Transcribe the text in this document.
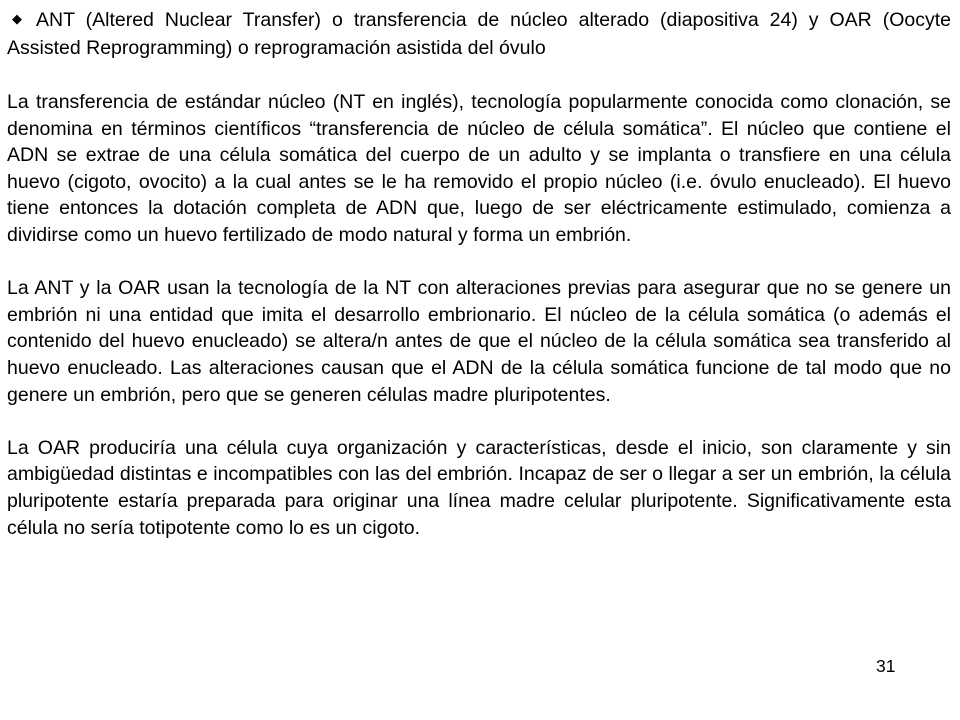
◆ ANT (Altered Nuclear Transfer) o transferencia de núcleo alterado (diapositiva 24) y OAR (Oocyte Assisted Reprogramming) o reprogramación asistida del óvulo

La transferencia de estándar núcleo (NT en inglés), tecnología popularmente conocida como clonación, se denomina en términos científicos “transferencia de núcleo de célula somática”. El núcleo que contiene el ADN se extrae de una célula somática del cuerpo de un adulto y se implanta o transfiere en una célula huevo (cigoto, ovocito) a la cual antes se le ha removido el propio núcleo (i.e. óvulo enucleado). El huevo tiene entonces la dotación completa de ADN que, luego de ser eléctricamente estimulado, comienza a dividirse como un huevo fertilizado de modo natural y forma un embrión.

La ANT y la OAR usan la tecnología de la NT con alteraciones previas para asegurar que no se genere un embrión ni una entidad que imita el desarrollo embrionario. El núcleo de la célula somática (o además el contenido del huevo enucleado) se altera/n antes de que el núcleo de la célula somática sea transferido al huevo enucleado. Las alteraciones causan que el ADN de la célula somática funcione de tal modo que no genere un embrión, pero que se generen células madre pluripotentes.

La OAR produciría una célula cuya organización y características, desde el inicio, son claramente y sin ambigüedad distintas e incompatibles con las del embrión. Incapaz de ser o llegar a ser un embrión, la célula pluripotente estaría preparada para originar una línea madre celular pluripotente. Significativamente esta célula no sería totipotente como lo es un cigoto.

31
